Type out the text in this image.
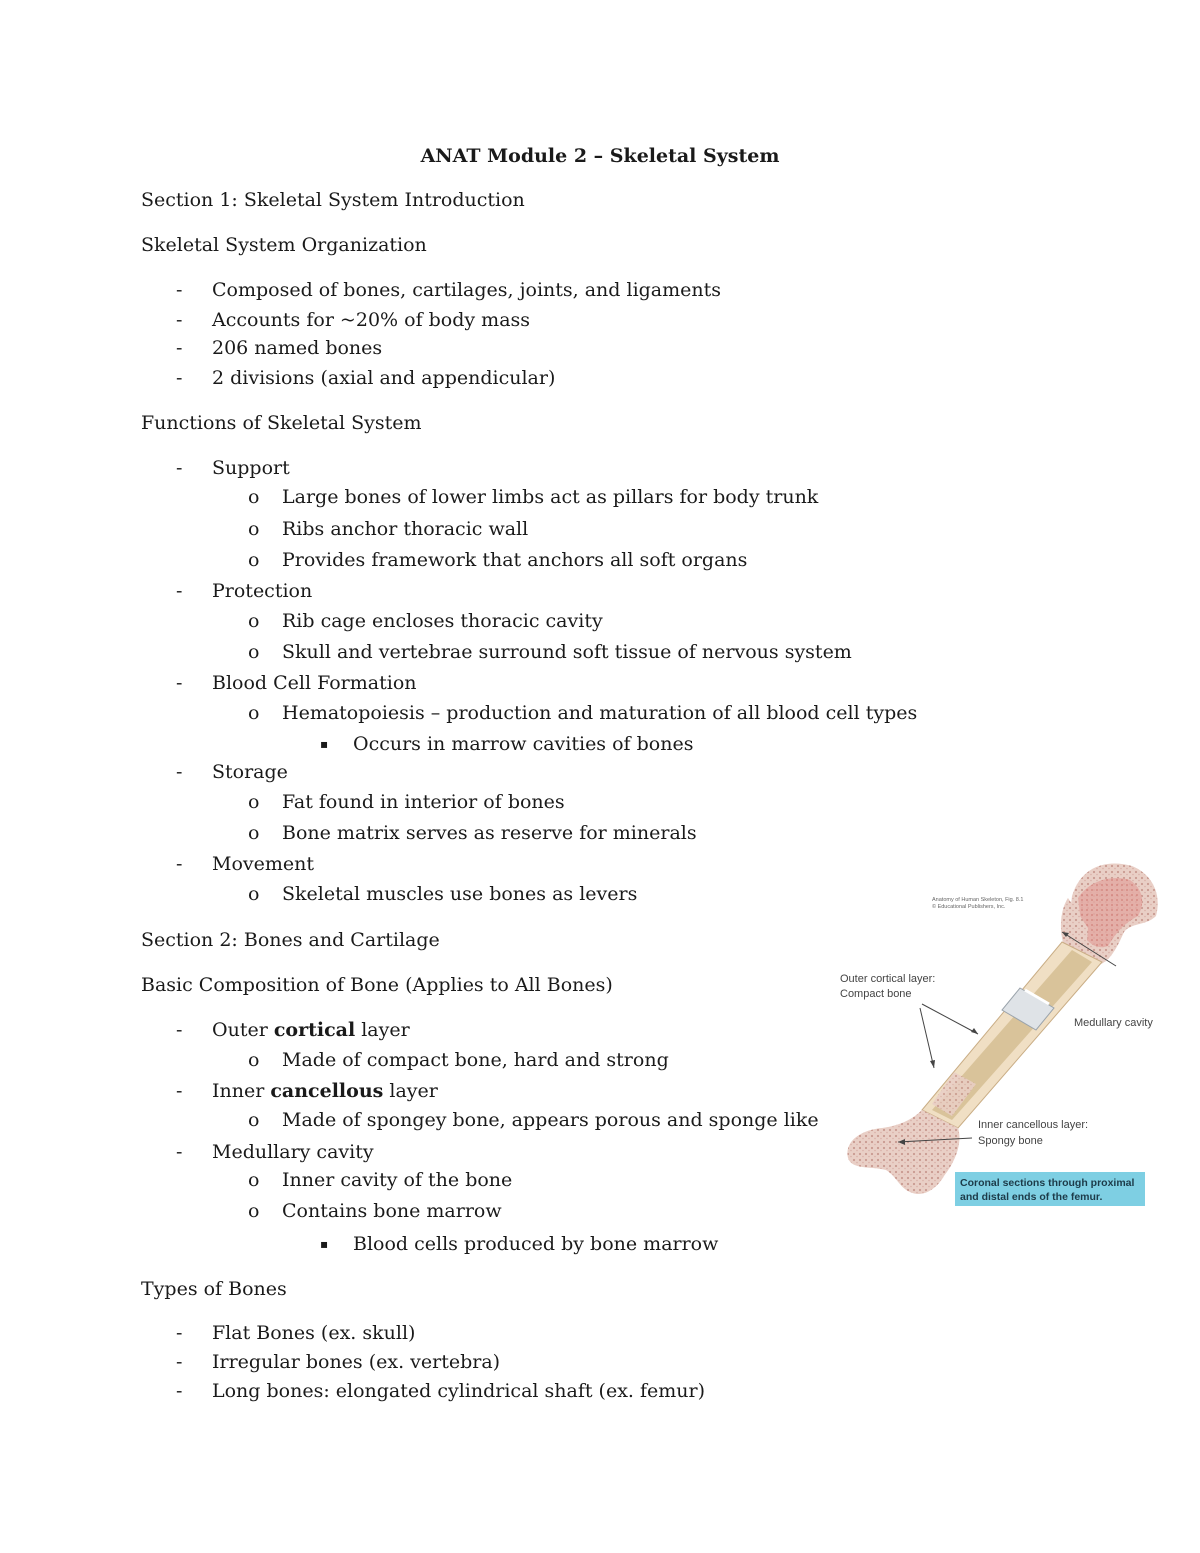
ANAT Module 2 – Skeletal System
Section 1: Skeletal System Introduction
Skeletal System Organization
- Composed of bones, cartilages, joints, and ligaments
- Accounts for ~20% of body mass
- 206 named bones
- 2 divisions (axial and appendicular)
Functions of Skeletal System
- Support
o Large bones of lower limbs act as pillars for body trunk
o Ribs anchor thoracic wall
o Provides framework that anchors all soft organs
- Protection
o Rib cage encloses thoracic cavity
o Skull and vertebrae surround soft tissue of nervous system
- Blood Cell Formation
o Hematopoiesis – production and maturation of all blood cell types
▪ Occurs in marrow cavities of bones
- Storage
o Fat found in interior of bones
o Bone matrix serves as reserve for minerals
- Movement
o Skeletal muscles use bones as levers
Section 2: Bones and Cartilage
Basic Composition of Bone (Applies to All Bones)
- Outer cortical layer
o Made of compact bone, hard and strong
- Inner cancellous layer
o Made of spongey bone, appears porous and sponge like
- Medullary cavity
o Inner cavity of the bone
o Contains bone marrow
▪ Blood cells produced by bone marrow
Types of Bones
- Flat Bones (ex. skull)
- Irregular bones (ex. vertebra)
- Long bones: elongated cylindrical shaft (ex. femur)
Anatomy of Human Skeleton, Fig. 8.1
© Educational Publishers, Inc.
Outer cortical layer:
Compact bone
Medullary cavity
Inner cancellous layer:
Spongy bone
Coronal sections through proximal
and distal ends of the femur.
